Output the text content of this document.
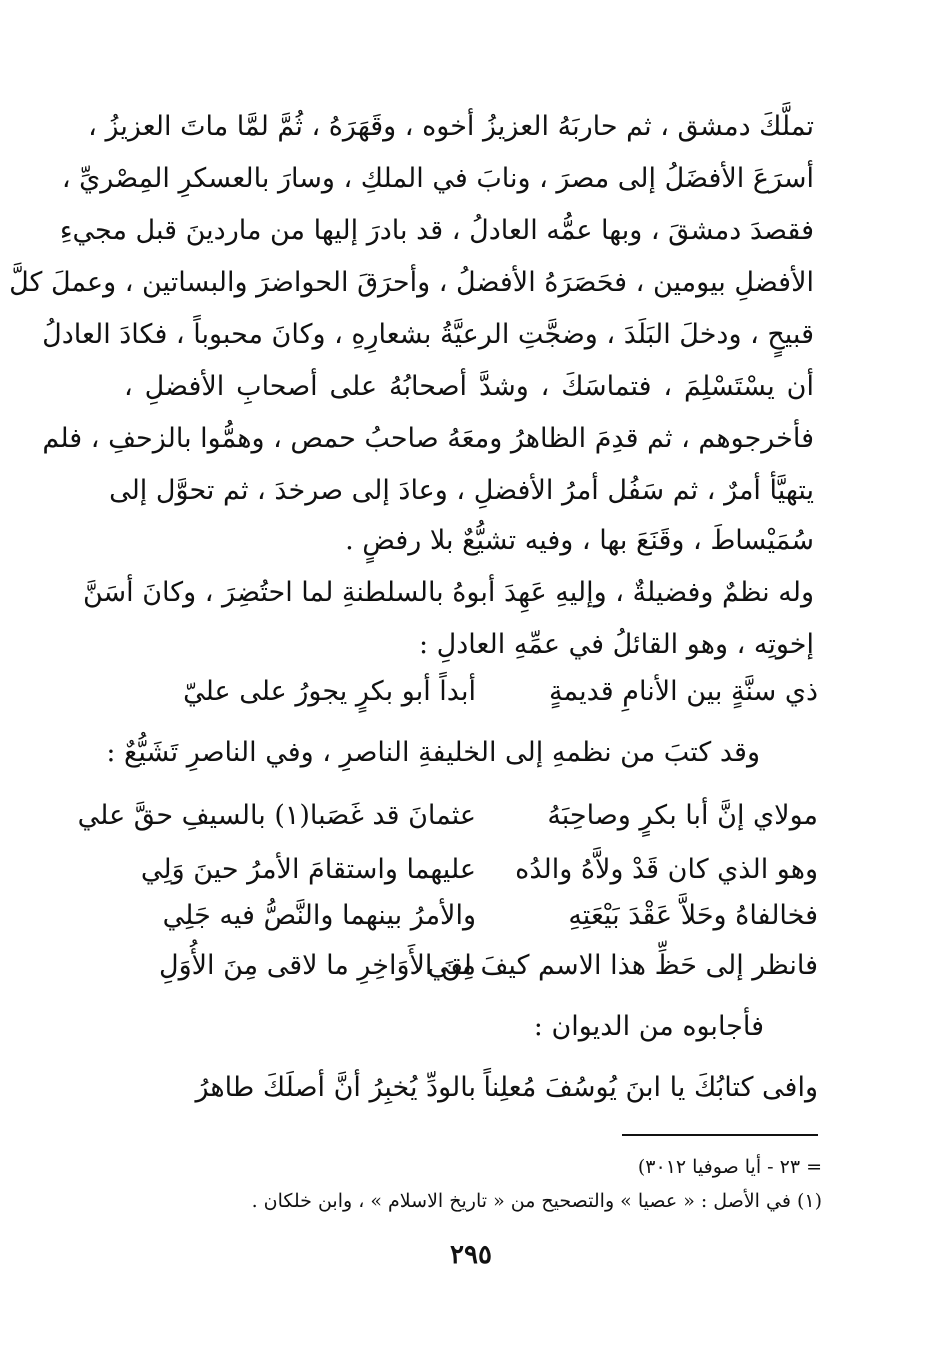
تملَّكَ دمشق ، ثم حاربَهُ العزيزُ أخوه ، وقَهَرَهُ ، ثُمَّ لمَّا ماتَ العزيزُ ،
أسرَعَ الأفضَلُ إلى مصرَ ، ونابَ في الملكِ ، وسارَ بالعسكرِ المِصْريِّ ،
فقصدَ دمشقَ ، وبها عمُّه العادلُ ، قد بادرَ إليها من ماردينَ قبل مجيءِ
الأفضلِ بيومين ، فحَصَرَهُ الأفضلُ ، وأحرَقَ الحواضرَ والبساتين ، وعملَ كلَّ
قبيحٍ ، ودخلَ البَلَدَ ، وضجَّتِ الرعيَّةُ بشعارِهِ ، وكانَ محبوباً ، فكادَ العادلُ
أن يسْتَسْلِمَ ، فتماسَكَ ، وشدَّ أصحابُهُ على أصحابِ الأفضلِ ،
فأخرجوهم ، ثم قدِمَ الظاهرُ ومعَهُ صاحبُ حمص ، وهمُّوا بالزحفِ ، فلم
يتهيَّأ أمرٌ ، ثم سَفُل أمرُ الأفضلِ ، وعادَ إلى صرخدَ ، ثم تحوَّل إلى
سُمَيْساطَ ، وقَنَعَ بها ، وفيه تشيُّعٌ بلا رفضٍ .
وله نظمٌ وفضيلةٌ ، وإليهِ عَهِدَ أبوهُ بالسلطنةِ لما احتُضِرَ ، وكانَ أسَنَّ
إخوتِه ، وهو القائلُ في عمِّهِ العادلِ :
ذي سنَّةٍ بين الأنامِ قديمةٍ
أبداً أبو بكرٍ يجورُ على عليّ
وقد كتبَ من نظمهِ إلى الخليفةِ الناصرِ ، وفي الناصرِ تَشَيُّعٌ :
مولاي إنَّ أبا بكرٍ وصاحِبَهُ
عثمانَ قد غَصَبا(١) بالسيفِ حقَّ علي
وهو الذي كان قَدْ ولاَّهُ والدُه
عليهما واستقامَ الأمرُ حينَ وَلِي
فخالفاهُ وحَلاَّ عَقْدَ بَيْعَتِهِ
والأمرُ بينهما والنَّصُّ فيه جَلِي
فانظر إلى حَظِّ هذا الاسم كيفَ لقي
مِنَ الأَوَاخِرِ ما لاقى مِنَ الأُوَلِ
فأجابوه من الديوان :
وافى كتابُكَ يا ابنَ يُوسُفَ مُعلِناً
بالودِّ يُخبِرُ أنَّ أصلَكَ طاهرُ
= ٢٣ - أيا صوفيا ٣٠١٢)
(١) في الأصل : « عصيا » والتصحيح من « تاريخ الاسلام » ، وابن خلكان .
٢٩٥
